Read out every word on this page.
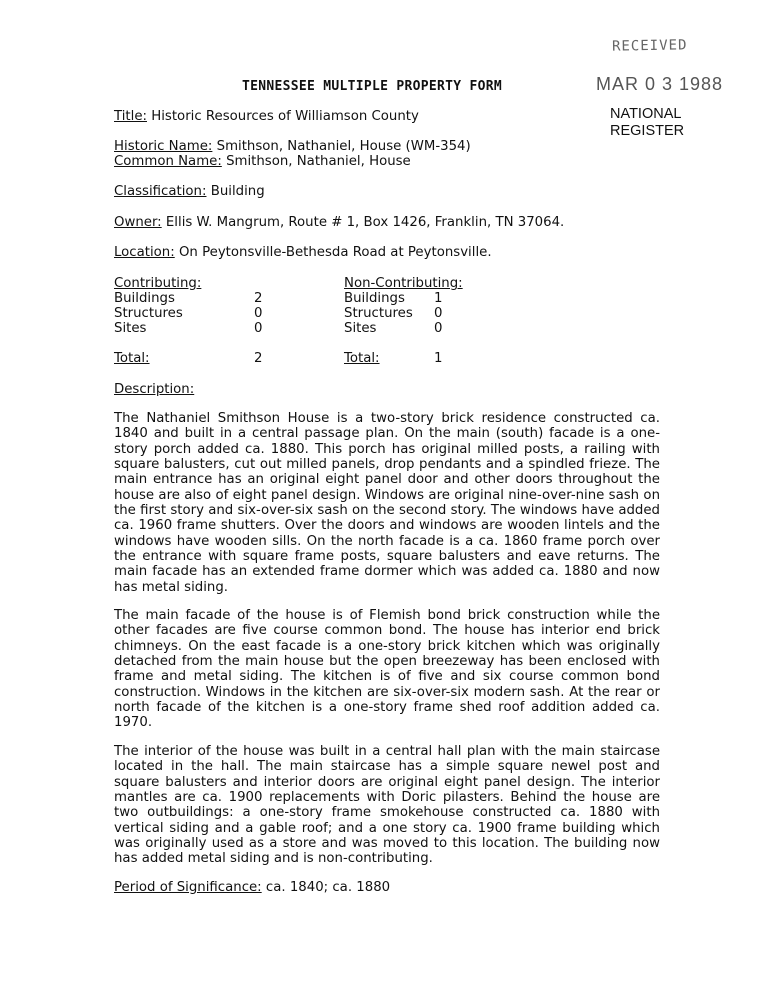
RECEIVED
MAR 0 3 1988
NATIONAL REGISTER
TENNESSEE MULTIPLE PROPERTY FORM
Title: Historic Resources of Williamson County
Historic Name: Smithson, Nathaniel, House (WM-354)
Common Name: Smithson, Nathaniel, House
Classification: Building
Owner: Ellis W. Mangrum, Route # 1, Box 1426, Franklin, TN 37064.
Location: On Peytonsville-Bethesda Road at Peytonsville.
Contributing:	Non-Contributing:
Buildings	2	Buildings 1
Structures	0	Structures 0
Sites	0	Sites	0
Total:	2	Total:	1
Description:
The Nathaniel Smithson House is a two-story brick residence constructed ca. 1840 and built in a central passage plan. On the main (south) facade is a one-story porch added ca. 1880. This porch has original milled posts, a railing with square balusters, cut out milled panels, drop pendants and a spindled frieze. The main entrance has an original eight panel door and other doors throughout the house are also of eight panel design. Windows are original nine-over-nine sash on the first story and six-over-six sash on the second story. The windows have added ca. 1960 frame shutters. Over the doors and windows are wooden lintels and the windows have wooden sills. On the north facade is a ca. 1860 frame porch over the entrance with square frame posts, square balusters and eave returns. The main facade has an extended frame dormer which was added ca. 1880 and now has metal siding.
The main facade of the house is of Flemish bond brick construction while the other facades are five course common bond. The house has interior end brick chimneys. On the east facade is a one-story brick kitchen which was originally detached from the main house but the open breezeway has been enclosed with frame and metal siding. The kitchen is of five and six course common bond construction. Windows in the kitchen are six-over-six modern sash. At the rear or north facade of the kitchen is a one-story frame shed roof addition added ca. 1970.
The interior of the house was built in a central hall plan with the main staircase located in the hall. The main staircase has a simple square newel post and square balusters and interior doors are original eight panel design. The interior mantles are ca. 1900 replacements with Doric pilasters. Behind the house are two outbuildings: a one-story frame smokehouse constructed ca. 1880 with vertical siding and a gable roof; and a one story ca. 1900 frame building which was originally used as a store and was moved to this location. The building now has added metal siding and is non-contributing.
Period of Significance: ca. 1840; ca. 1880
